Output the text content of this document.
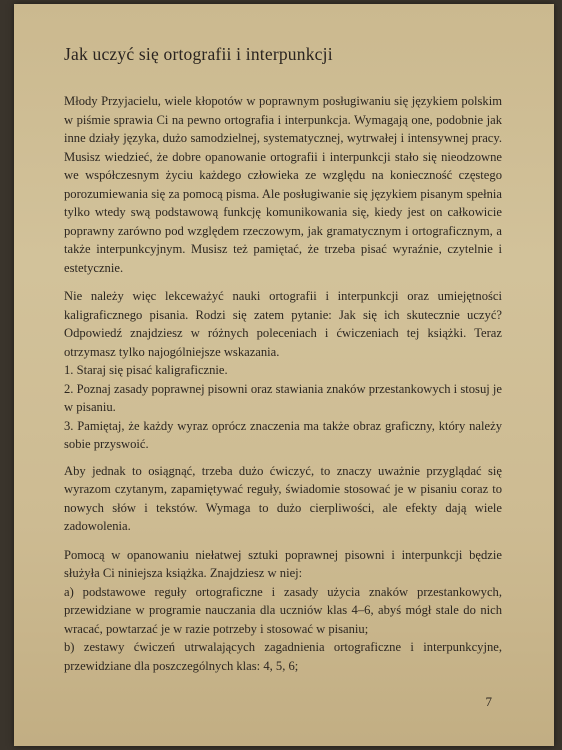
Jak uczyć się ortografii i interpunkcji

Młody Przyjacielu, wiele kłopotów w poprawnym posługiwaniu się językiem polskim w piśmie sprawia Ci na pewno ortografia i interpunkcja. Wymagają one, podobnie jak inne działy języka, dużo samodzielnej, systematycznej, wytrwałej i intensywnej pracy. Musisz wiedzieć, że dobre opanowanie ortografii i interpunkcji stało się nieodzowne we współczesnym życiu każdego człowieka ze względu na konieczność częstego porozumiewania się za pomocą pisma. Ale posługiwanie się językiem pisanym spełnia tylko wtedy swą podstawową funkcję komunikowania się, kiedy jest on całkowicie poprawny zarówno pod względem rzeczowym, jak gramatycznym i ortograficznym, a także interpunkcyjnym. Musisz też pamiętać, że trzeba pisać wyraźnie, czytelnie i estetycznie.

Nie należy więc lekceważyć nauki ortografii i interpunkcji oraz umiejętności kaligraficznego pisania. Rodzi się zatem pytanie: Jak się ich skutecznie uczyć? Odpowiedź znajdziesz w różnych poleceniach i ćwiczeniach tej książki. Teraz otrzymasz tylko najogólniejsze wskazania.

1. Staraj się pisać kaligraficznie.
2. Poznaj zasady poprawnej pisowni oraz stawiania znaków przestankowych i stosuj je w pisaniu.
3. Pamiętaj, że każdy wyraz oprócz znaczenia ma także obraz graficzny, który należy sobie przyswoić.

Aby jednak to osiągnąć, trzeba dużo ćwiczyć, to znaczy uważnie przyglądać się wyrazom czytanym, zapamiętywać reguły, świadomie stosować je w pisaniu coraz to nowych słów i tekstów. Wymaga to dużo cierpliwości, ale efekty dają wiele zadowolenia.

Pomocą w opanowaniu niełatwej sztuki poprawnej pisowni i interpunkcji będzie służyła Ci niniejsza książka. Znajdziesz w niej:

a) podstawowe reguły ortograficzne i zasady użycia znaków przestankowych, przewidziane w programie nauczania dla uczniów klas 4–6, abyś mógł stale do nich wracać, powtarzać je w razie potrzeby i stosować w pisaniu;
b) zestawy ćwiczeń utrwalających zagadnienia ortograficzne i interpunkcyjne, przewidziane dla poszczególnych klas: 4, 5, 6;
7
